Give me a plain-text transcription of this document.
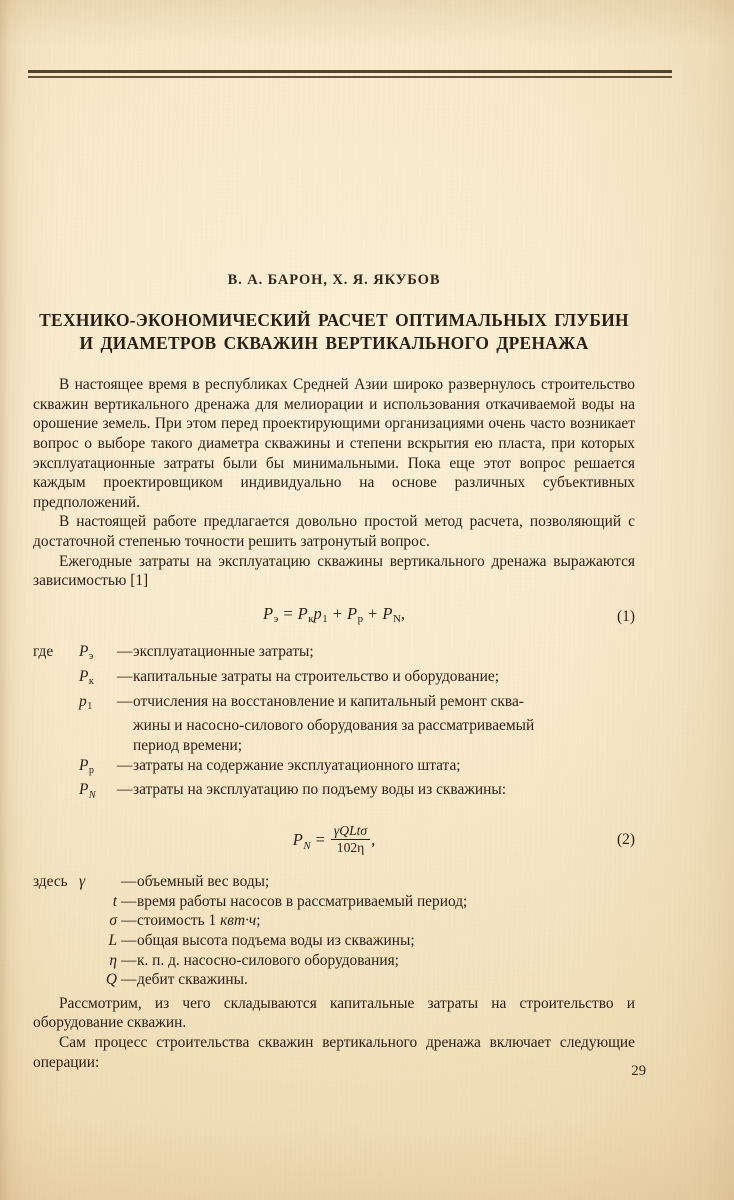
В. А. БАРОН, Х. Я. ЯКУБОВ
ТЕХНИКО-ЭКОНОМИЧЕСКИЙ РАСЧЕТ ОПТИМАЛЬНЫХ ГЛУБИН
И ДИАМЕТРОВ СКВАЖИН ВЕРТИКАЛЬНОГО ДРЕНАЖА

В настоящее время в республиках Средней Азии широко развернулось строительство скважин вертикального дренажа для мелиорации и использования откачиваемой воды на орошение земель. При этом перед проектирующими организациями очень часто возникает вопрос о выборе такого диаметра скважины и степени вскрытия ею пласта, при которых эксплуатационные затраты были бы минимальными. Пока еще этот вопрос решается каждым проектировщиком индивидуально на основе различных субъективных предположений.

В настоящей работе предлагается довольно простой метод расчета, позволяющий с достаточной степенью точности решить затронутый вопрос.

Ежегодные затраты на эксплуатацию скважины вертикального дренажа выражаются зависимостью [1]

$P_э = P_кp_1 + P_р + P_N$,	(1)
где	$P_э$	— эксплуатационные затраты;
$P_к$	— капитальные затраты на строительство и оборудование;
$p_1$	— отчисления на восстановление и капитальный ремонт сква-
жины и насосно-силового оборудования за рассматриваемый
период времени;
$P_р$	— затраты на содержание эксплуатационного штата;
$P_N$	— затраты на эксплуатацию по подъему воды из скважины:
$P_N = \frac{\text{γQLtσ}}{102\eta}$ ,	(2)
здесь γ	— объемный вес воды;
t — время работы насосов в рассматриваемый период;
σ — стоимость 1 квт·ч;
L — общая высота подъема воды из скважины;
η — к. п. д. насосно-силового оборудования;
Q — дебит скважины.

Рассмотрим, из чего складываются капитальные затраты на строительство и оборудование скважин.

Сам процесс строительства скважин вертикального дренажа включает следующие операции:

29
